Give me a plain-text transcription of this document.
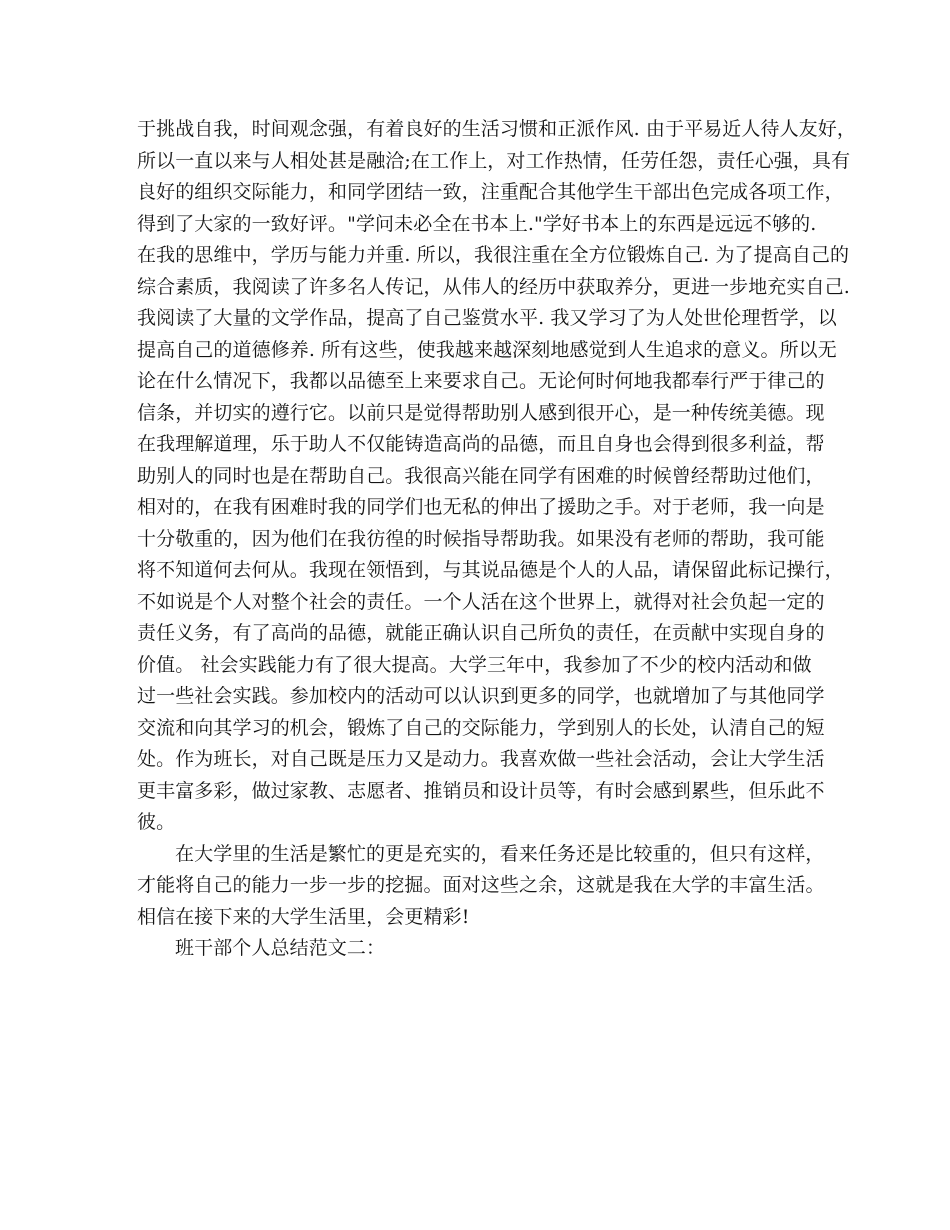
于挑战自我，时间观念强，有着良好的生活习惯和正派作风. 由于平易近人待人友好，
所以一直以来与人相处甚是融洽;在工作上，对工作热情，任劳任怨，责任心强，具有
良好的组织交际能力，和同学团结一致，注重配合其他学生干部出色完成各项工作，
得到了大家的一致好评。"学问未必全在书本上."学好书本上的东西是远远不够的.
在我的思维中，学历与能力并重. 所以，我很注重在全方位锻炼自己. 为了提高自己的
综合素质，我阅读了许多名人传记，从伟人的经历中获取养分，更进一步地充实自己.
我阅读了大量的文学作品，提高了自己鉴赏水平. 我又学习了为人处世伦理哲学，以
提高自己的道德修养. 所有这些，使我越来越深刻地感觉到人生追求的意义。所以无
论在什么情况下，我都以品德至上来要求自己。无论何时何地我都奉行严于律己的
信条，并切实的遵行它。以前只是觉得帮助别人感到很开心，是一种传统美德。现
在我理解道理，乐于助人不仅能铸造高尚的品德，而且自身也会得到很多利益，帮
助别人的同时也是在帮助自己。我很高兴能在同学有困难的时候曾经帮助过他们，
相对的，在我有困难时我的同学们也无私的伸出了援助之手。对于老师，我一向是
十分敬重的，因为他们在我彷徨的时候指导帮助我。如果没有老师的帮助，我可能
将不知道何去何从。我现在领悟到，与其说品德是个人的人品，请保留此标记操行，
不如说是个人对整个社会的责任。一个人活在这个世界上，就得对社会负起一定的
责任义务，有了高尚的品德，就能正确认识自己所负的责任，在贡献中实现自身的
价值。 社会实践能力有了很大提高。大学三年中，我参加了不少的校内活动和做
过一些社会实践。参加校内的活动可以认识到更多的同学，也就增加了与其他同学
交流和向其学习的机会，锻炼了自己的交际能力，学到别人的长处，认清自己的短
处。作为班长，对自己既是压力又是动力。我喜欢做一些社会活动，会让大学生活
更丰富多彩，做过家教、志愿者、推销员和设计员等，有时会感到累些，但乐此不
彼。
在大学里的生活是繁忙的更是充实的，看来任务还是比较重的，但只有这样，
才能将自己的能力一步一步的挖掘。面对这些之余，这就是我在大学的丰富生活。
相信在接下来的大学生活里，会更精彩!
班干部个人总结范文二：
